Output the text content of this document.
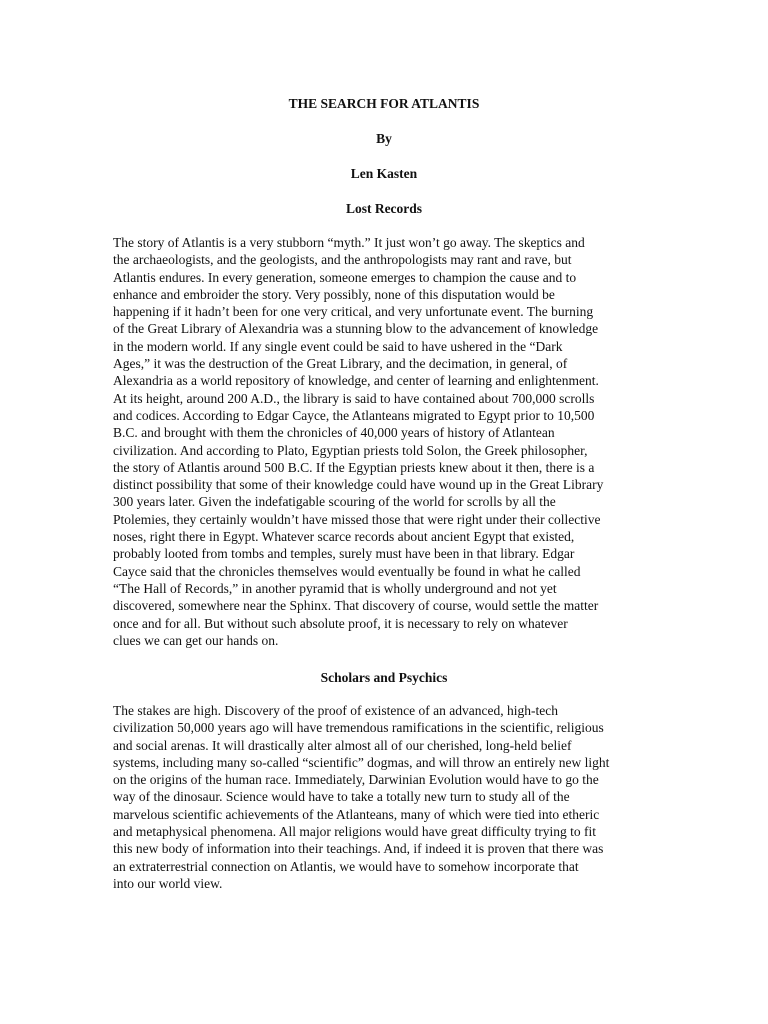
THE SEARCH FOR ATLANTIS
By
Len Kasten
Lost Records
The story of Atlantis is a very stubborn “myth.” It just won’t go away. The skeptics and
the archaeologists, and the geologists, and the anthropologists may rant and rave, but
Atlantis endures. In every generation, someone emerges to champion the cause and to
enhance and embroider the story. Very possibly, none of this disputation would be
happening if it hadn’t been for one very critical, and very unfortunate event. The burning
of the Great Library of Alexandria was a stunning blow to the advancement of knowledge
in the modern world. If any single event could be said to have ushered in the “Dark
Ages,” it was the destruction of the Great Library, and the decimation, in general, of
Alexandria as a world repository of knowledge, and center of learning and enlightenment.
At its height, around 200 A.D., the library is said to have contained about 700,000 scrolls
and codices. According to Edgar Cayce, the Atlanteans migrated to Egypt prior to 10,500
B.C. and brought with them the chronicles of 40,000 years of history of Atlantean
civilization. And according to Plato, Egyptian priests told Solon, the Greek philosopher,
the story of Atlantis around 500 B.C. If the Egyptian priests knew about it then, there is a
distinct possibility that some of their knowledge could have wound up in the Great Library
300 years later. Given the indefatigable scouring of the world for scrolls by all the
Ptolemies, they certainly wouldn’t have missed those that were right under their collective
noses, right there in Egypt. Whatever scarce records about ancient Egypt that existed,
probably looted from tombs and temples, surely must have been in that library. Edgar
Cayce said that the chronicles themselves would eventually be found in what he called
“The Hall of Records,” in another pyramid that is wholly underground and not yet
discovered, somewhere near the Sphinx. That discovery of course, would settle the matter
once and for all. But without such absolute proof, it is necessary to rely on whatever
clues we can get our hands on.
Scholars and Psychics
The stakes are high. Discovery of the proof of existence of an advanced, high-tech
civilization 50,000 years ago will have tremendous ramifications in the scientific, religious
and social arenas. It will drastically alter almost all of our cherished, long-held belief
systems, including many so-called “scientific” dogmas, and will throw an entirely new light
on the origins of the human race. Immediately, Darwinian Evolution would have to go the
way of the dinosaur. Science would have to take a totally new turn to study all of the
marvelous scientific achievements of the Atlanteans, many of which were tied into etheric
and metaphysical phenomena. All major religions would have great difficulty trying to fit
this new body of information into their teachings. And, if indeed it is proven that there was
an extraterrestrial connection on Atlantis, we would have to somehow incorporate that
into our world view.
